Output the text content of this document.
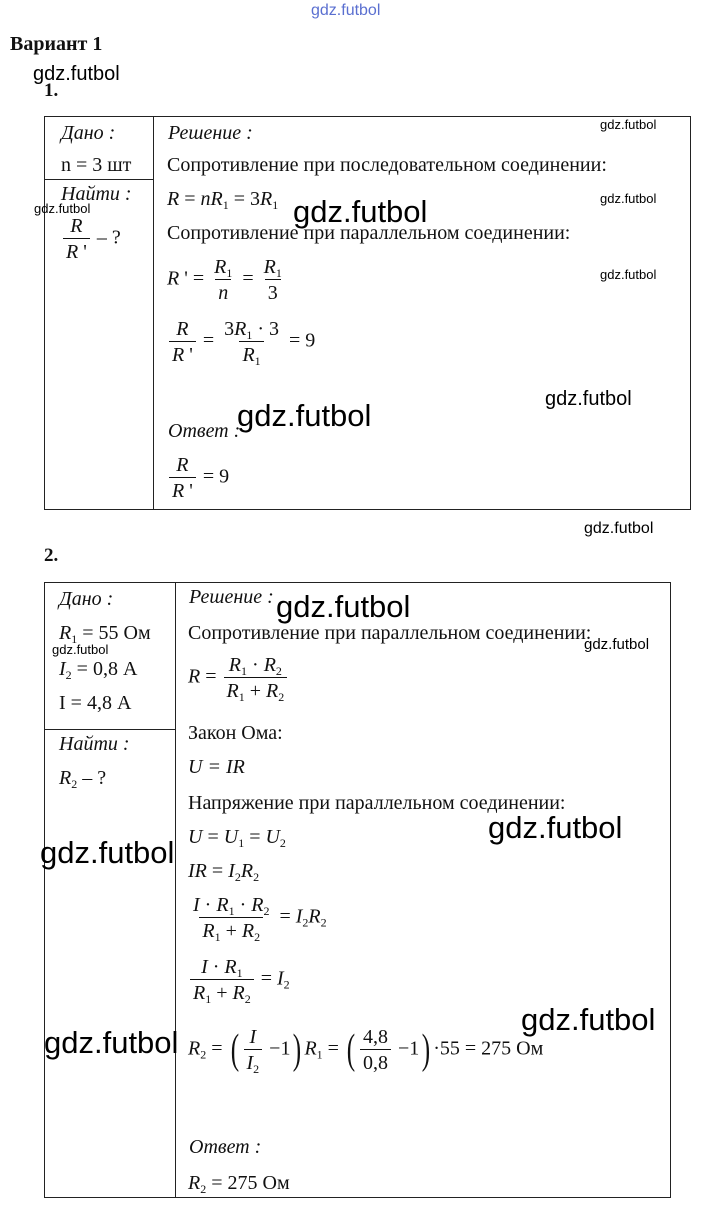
gdz.futbol
gdz.futbol
Вариант 1
1.
Дано :
n = 3 шт

Решение :
Сопротивление при последовательном соединении:
$R = nR_1 = 3R_1$
Сопротивление при параллельном соединении:
R ' = $\frac{R_1}{n} = \frac{R_1}{3}$
$\frac{R}{R '} = \frac{3R_1 \cdot 3}{R_1} = 9$
Ответ :
$\frac{R}{R '} = 9$

Найти :
$\frac{R}{R '}$ – ?
gdz.futbol
gdz.futbol
gdz.futbol
gdz.futbol
gdz.futbol
gdz.futbol
gdz.futbol
gdz.futbol
2.
Дано :
$R_1 = 55$ Ом
$I_2 = 0,8$ А
I = 4,8 А

Решение :
Сопротивление при параллельном соединении:
$R = \frac{R_1 \cdot R_2}{R_1 + R_2}$
Закон Ома:
U = IR
Напряжение при параллельном соединении:
$U = U_1 = U_2$
IR = $I_2R_2$
$\frac{I \cdot R_1 \cdot R_2}{R_1 + R_2} = I_2R_2$
$\frac{I \cdot R_1}{R_1 + R_2} = I_2$
$R_2$ = ( $\frac{I}{I_2} -1$) $R_1$ = ( $\frac{4,8}{0,8} -1) \cdot 55 = 275$ Ом
Ответ :
$R_2 = 275$ Ом

Найти :
$R_2$ – ?
gdz.futbol
gdz.futbol
gdz.futbol
gdz.futbol
gdz.futbol
gdz.futbol
gdz.futbol
